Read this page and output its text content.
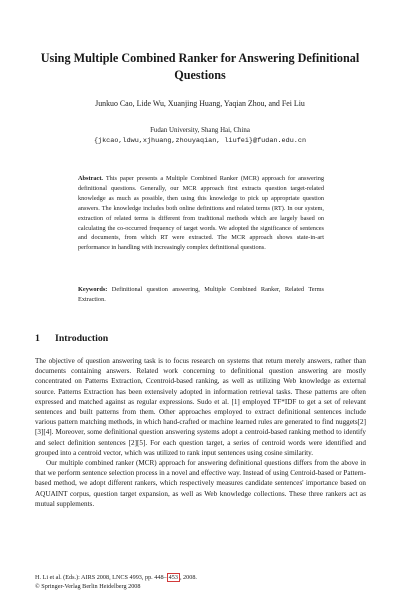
Using Multiple Combined Ranker for Answering Definitional Questions
Junkuo Cao, Lide Wu, Xuanjing Huang, Yaqian Zhou, and Fei Liu
Fudan University, Shang Hai, China
{jkcao,ldwu,xjhuang,zhouyaqian, liufei}@fudan.edu.cn
Abstract. This paper presents a Multiple Combined Ranker (MCR) approach for answering definitional questions. Generally, our MCR approach first extracts question target-related knowledge as much as possible, then using this knowledge to pick up appropriate question answers. The knowledge includes both online definitions and related terms (RT). In our system, extraction of related terms is different from traditional methods which are largely based on calculating the co-occurred frequency of target words. We adopted the significance of sentences and documents, from which RT were extracted. The MCR approach shows state-in-art performance in handling with increasingly complex definitional questions.
Keywords: Definitional question answering, Multiple Combined Ranker, Related Terms Extraction.
1 Introduction

The objective of question answering task is to focus research on systems that return merely answers, rather than documents containing answers. Related work concerning to definitional question answering are mostly concentrated on Patterns Extraction, Ccentroid-based ranking, as well as utilizing Web knowledge as external source. Patterns Extraction has been extensively adopted in information retrieval tasks. These patterns are often expressed and matched against as regular expressions. Sudo et al. [1] employed TF*IDF to get a set of relevant sentences and built patterns from them. Other approaches employed to extract definitional sentences include various pattern matching methods, in which hand-crafted or machine learned rules are generated to find nuggets[2][3][4]. Moreover, some definitional question answering systems adopt a centroid-based ranking method to identify and select definition sentences [2][5]. For each question target, a series of centroid words were identified and grouped into a centroid vector, which was utilized to rank input sentences using cosine similarity.

Our multiple combined ranker (MCR) approach for answering definitional questions differs from the above in that we perform sentence selection process in a novel and effective way. Instead of using Centroid-based or Pattern-based method, we adopt different rankers, which respectively measures candidate sentences' importance based on AQUAINT corpus, question target expansion, as well as Web knowledge collections. These three rankers act as mutual supplements.

H. Li et al. (Eds.): AIRS 2008, LNCS 4993, pp. 448– 453 , 2008.
© Springer-Verlag Berlin Heidelberg 2008
